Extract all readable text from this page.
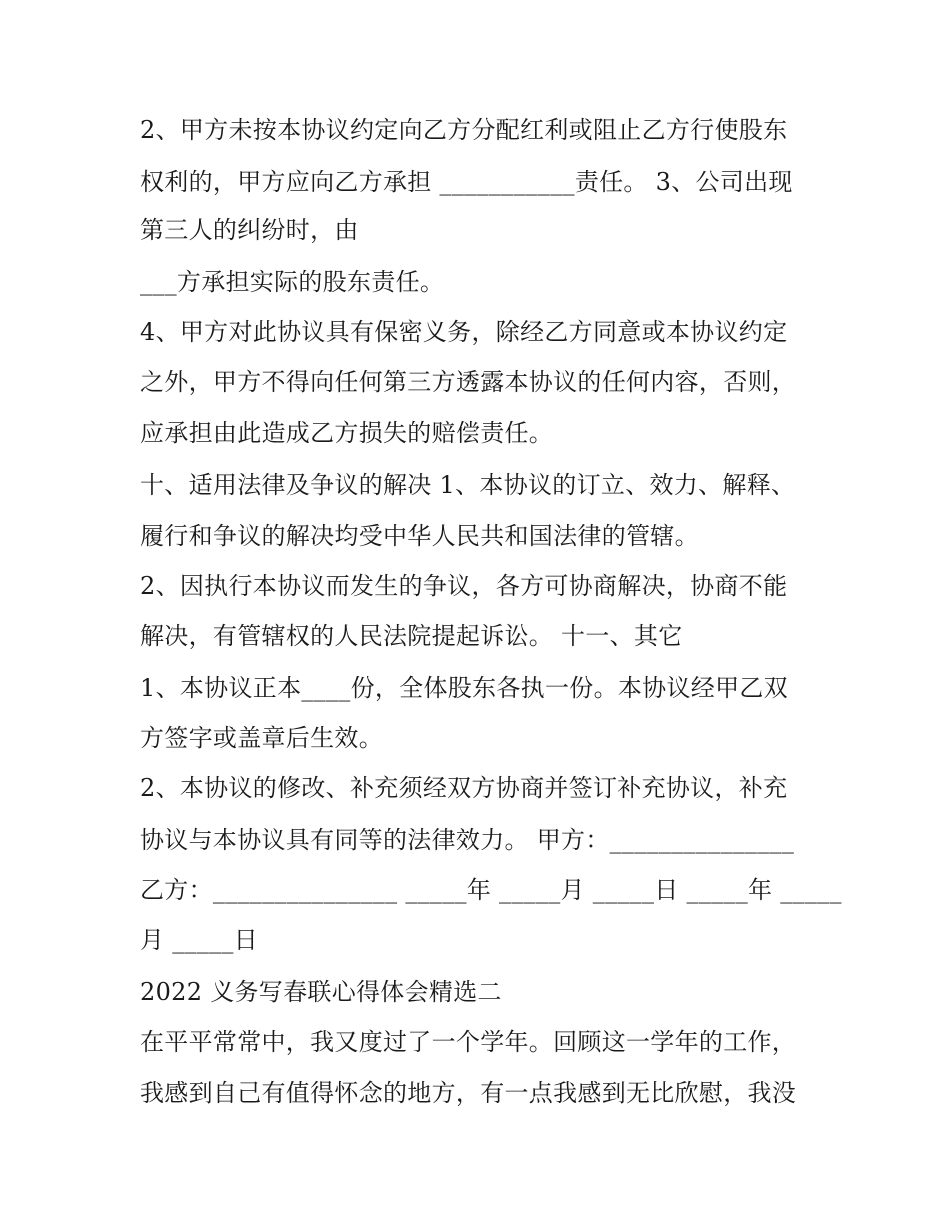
2、甲方未按本协议约定向乙方分配红利或阻止乙方行使股东
权利的，甲方应向乙方承担 ___________责任。 3、公司出现
第三人的纠纷时，由
___方承担实际的股东责任。
4、甲方对此协议具有保密义务，除经乙方同意或本协议约定
之外，甲方不得向任何第三方透露本协议的任何内容，否则，
应承担由此造成乙方损失的赔偿责任。
十、适用法律及争议的解决 1、本协议的订立、效力、解释、
履行和争议的解决均受中华人民共和国法律的管辖。
2、因执行本协议而发生的争议，各方可协商解决，协商不能
解决，有管辖权的人民法院提起诉讼。 十一、其它
1、本协议正本____份，全体股东各执一份。本协议经甲乙双
方签字或盖章后生效。
2、本协议的修改、补充须经双方协商并签订补充协议，补充
协议与本协议具有同等的法律效力。 甲方：_______________
乙方：_______________ _____年 _____月 _____日 _____年 _____
月 _____日
2022 义务写春联心得体会精选二
在平平常常中，我又度过了一个学年。回顾这一学年的工作，
我感到自己有值得怀念的地方，有一点我感到无比欣慰，我没
